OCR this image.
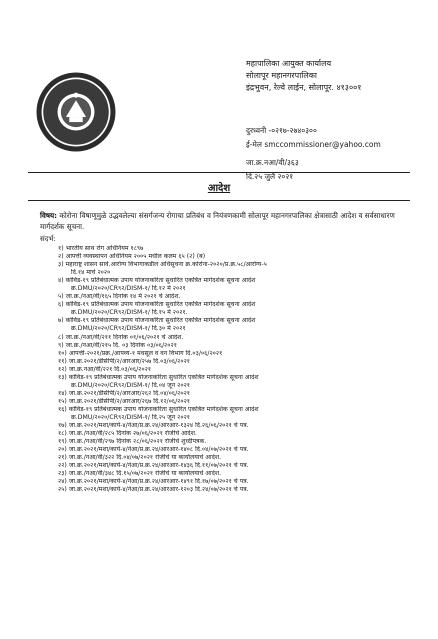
महापालिका आयुक्त कार्यालय
सोलापूर महानगरपालिका
इंद्रभुवन, रेल्वे लाईन, सोलापूर. ४१३००१
दुरध्वनी -०२१७-२७४०३००
ई-मेल smccommissioner@yahoo.com
जा.क्र.नआ/वी/३६३
दि.२५ जुलै २०२१
आदेश
विषय: कोरोना विषाणूमुळे उद्भवलेल्या संसर्गजन्य रोगाचा प्रतिबंध व नियंत्रणकामी सोलापूर महानगरपालिका क्षेत्रासाठी आदेश व सर्वसाधारण मार्गदर्शक सूचना.
संदर्भ:
१) भारतीय साथ रोग अधिनियम १८९७
२) आपत्ती व्यवस्थापन अधिनियम २००५ मधील कलम ६५ (२) (ब)
३) महाराष्ट्र शासन सार्व.आरोग्य विभागाकडील अधिसूचना क्र.कोरोना-२०२०/प्र.क्र.५८/आरोग्य-५
दि.१४ मार्च २०२०
४) कोविड-१९ प्रतिबंधात्मक उपाय योजनाकरिता सुधारित एकत्रित मार्गदर्शक सूचना आदेश
क्र.DMU/२०२०/CR९२/DISM-१/ दि.१२ मे २०२१
५) जा.क्र./नआ/वी/१६५ दिनांक १४ मे २०२१ चे आदेश.
६) कोविड-१९ प्रतिबंधात्मक उपाय योजनाकरिता सुधारित एकत्रित मार्गदर्शक सूचना आदेश
क्र.DMU/२०२०/CR९२/DISM-१/ दि.१५ मे २०२१.
७) कोविड-१९ प्रतिबंधात्मक उपाय योजनाकरिता सुधारित एकत्रित मार्गदर्शक सूचना आदेश
क्र.DMU/२०२०/CR९२/DISM-१/ दि.३० मे २०२१
८) जा.क्र./नआ/वी/२११ दिनांक ०१/०६/२०२१ चे आदेश.
९) जा.क्र./नआ/वी/२१५ दि. ०३ दिनांक ०३/०६/२०२१
१०) आपत्ती-२०२१/प्रक्र./आपव्य-१ मधसूल व वन विभाग दि.०३/०६/२०२१
११) जा.क्र.२०२१/डीसीपी/२/आरआर/२५७ दि.०३/०६/२०२१
१२) जा.क्र.नआ/वी/२२१ दि.०३/०६/२०२१
१३) कोविड-१९ प्रतिबंधात्मक उपाय योजनाकरिता सुधारित एकत्रित मार्गदर्शक सूचना आदेश
क्र.DMU/२०२०/CR९२/DISM-१/ दि.०४ जून २०२१
१४) जा.क्र.२०२१/डीसीपी/२/आरआर/२६२ दि.०४/०६/२०२१
१५) जा.क्र.२०२१/डीसीपी/२/आरआर/२६७ दि.१२/०६/२०२१
१६) कोविड-१९ प्रतिबंधात्मक उपाय योजनाकरिता सुधारित एकत्रित मार्गदर्शक सूचना आदेश
क्र.DMU/२०२०/CR९२/DISM-१/ दि.२५ जून २०२१
१७) जा.क्र.२०२१/मशा/कार्य-४/नेआ/प्र.क्र.२४/आरआर-१३२४ दि.२६/०६/२०२१ चे पत्र.
१८) जा.क्र./नआ/वी/२८५ दिनांक २७/०६/२०२१ रोजीचे आदेश.
१९) जा.क्र./नआ/वी/२९७ दिनांक २८/०६/२०२१ रोजीचे शुध्दीपत्रक.
२०) जा.क्र.२०२१/मशा/कार्य-४/नेआ/प्र.क्र.२४/आरआर-१४०८ दि.०४/०७/२०२१ चे पत्र.
२१) जा.क्र./नआ/वी/३२२ दि.०४/०७/२०२१ रोजीचे या कार्यालयाचे आदेश.
२२) जा.क्र.२०२१/मशा/कार्य-४/नेआ/प्र.क्र.२४/आरआर-१४३६ दि.११/०७/२०२१ चे पत्र.
२३) जा.क्र./नआ/वी/३४८ दि.१५/०७/२०२१ रोजीचे या कार्यालयाचे आदेश.
२४) जा.क्र.२०२१/मशा/कार्य-४/नेआ/प्र.क्र.२४/आरआर-१४९१ दि.१७/०७/२०२१ चे पत्र.
२५) जा.क्र.२०२१/मशा/कार्य-४/नेआ/प्र.क्र.२४/आरआर-१२०३ दि.२४/०७/२०२१ चे पत्र.
